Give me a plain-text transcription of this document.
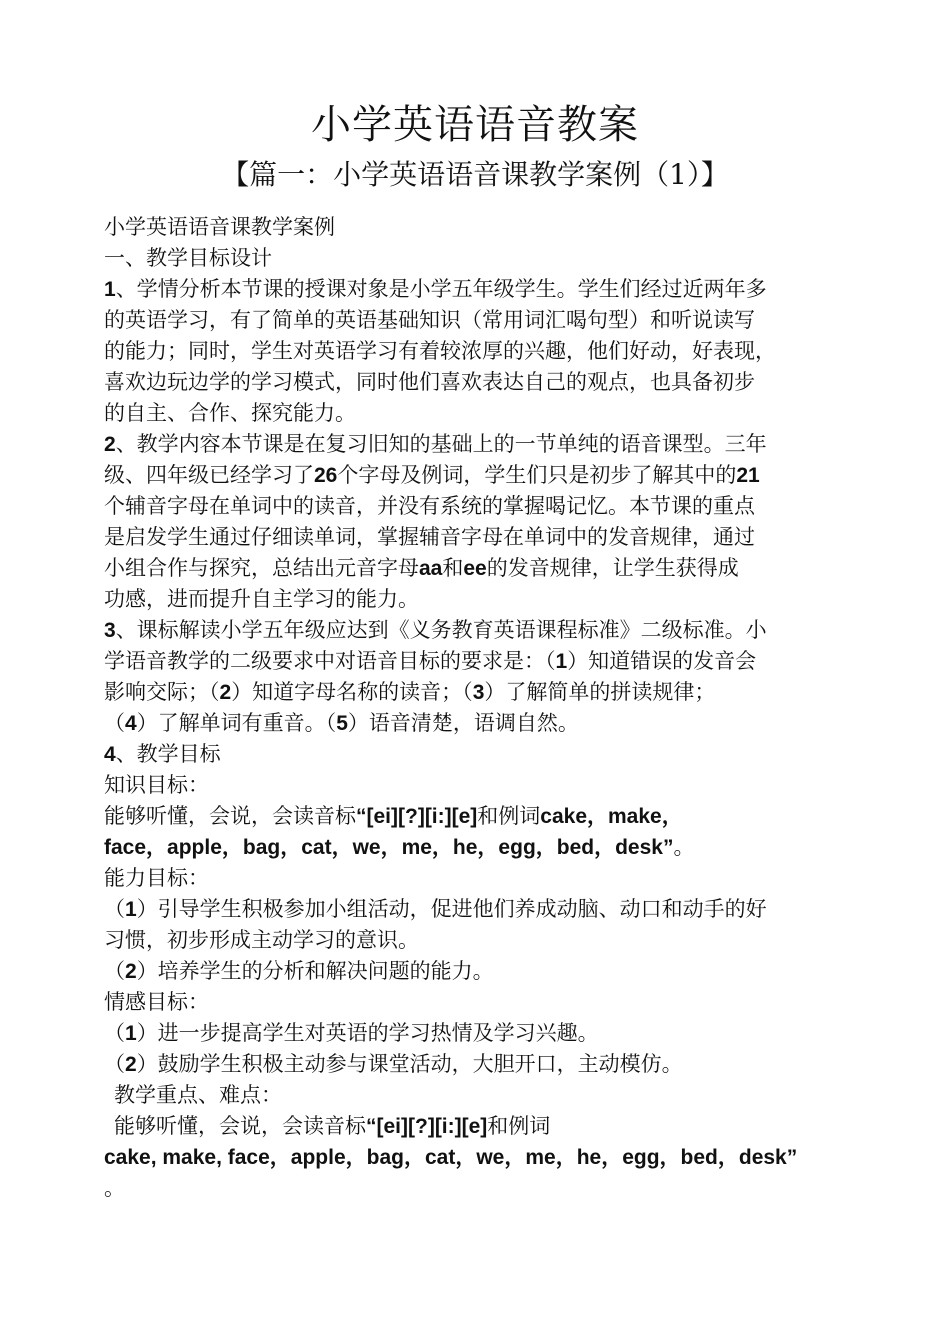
小学英语语音教案
【篇一：小学英语语音课教学案例（1）】

小学英语语音课教学案例

一、教学目标设计

1、学情分析本节课的授课对象是小学五年级学生。学生们经过近两年多

的英语学习，有了简单的英语基础知识（常用词汇喝句型）和听说读写

的能力；同时，学生对英语学习有着较浓厚的兴趣，他们好动，好表现，

喜欢边玩边学的学习模式，同时他们喜欢表达自己的观点，也具备初步

的自主、合作、探究能力。

2、教学内容本节课是在复习旧知的基础上的一节单纯的语音课型。三年

级、四年级已经学习了26个字母及例词，学生们只是初步了解其中的21

个辅音字母在单词中的读音，并没有系统的掌握喝记忆。本节课的重点

是启发学生通过仔细读单词，掌握辅音字母在单词中的发音规律，通过

小组合作与探究，总结出元音字母aa和ee的发音规律，让学生获得成

功感，进而提升自主学习的能力。

3、课标解读小学五年级应达到《义务教育英语课程标准》二级标准。小

学语音教学的二级要求中对语音目标的要求是：（1）知道错误的发音会

影响交际；（2）知道字母名称的读音；（3）了解简单的拼读规律；

（4）了解单词有重音。（5）语音清楚，语调自然。

4、教学目标

知识目标：

能够听懂，会说，会读音标“[ei][?][i:][e]和例词cake，make，

face，apple，bag，cat，we，me，he，egg，bed，desk”。

能力目标：

（1）引导学生积极参加小组活动，促进他们养成动脑、动口和动手的好

习惯，初步形成主动学习的意识。

（2）培养学生的分析和解决问题的能力。

情感目标：

（1）进一步提高学生对英语的学习热情及学习兴趣。

（2）鼓励学生积极主动参与课堂活动，大胆开口，主动模仿。

教学重点、难点：

能够听懂，会说，会读音标“[ei][?][i:][e]和例词

cake, make, face，apple，bag，cat，we，me，he，egg，bed，desk”

。
